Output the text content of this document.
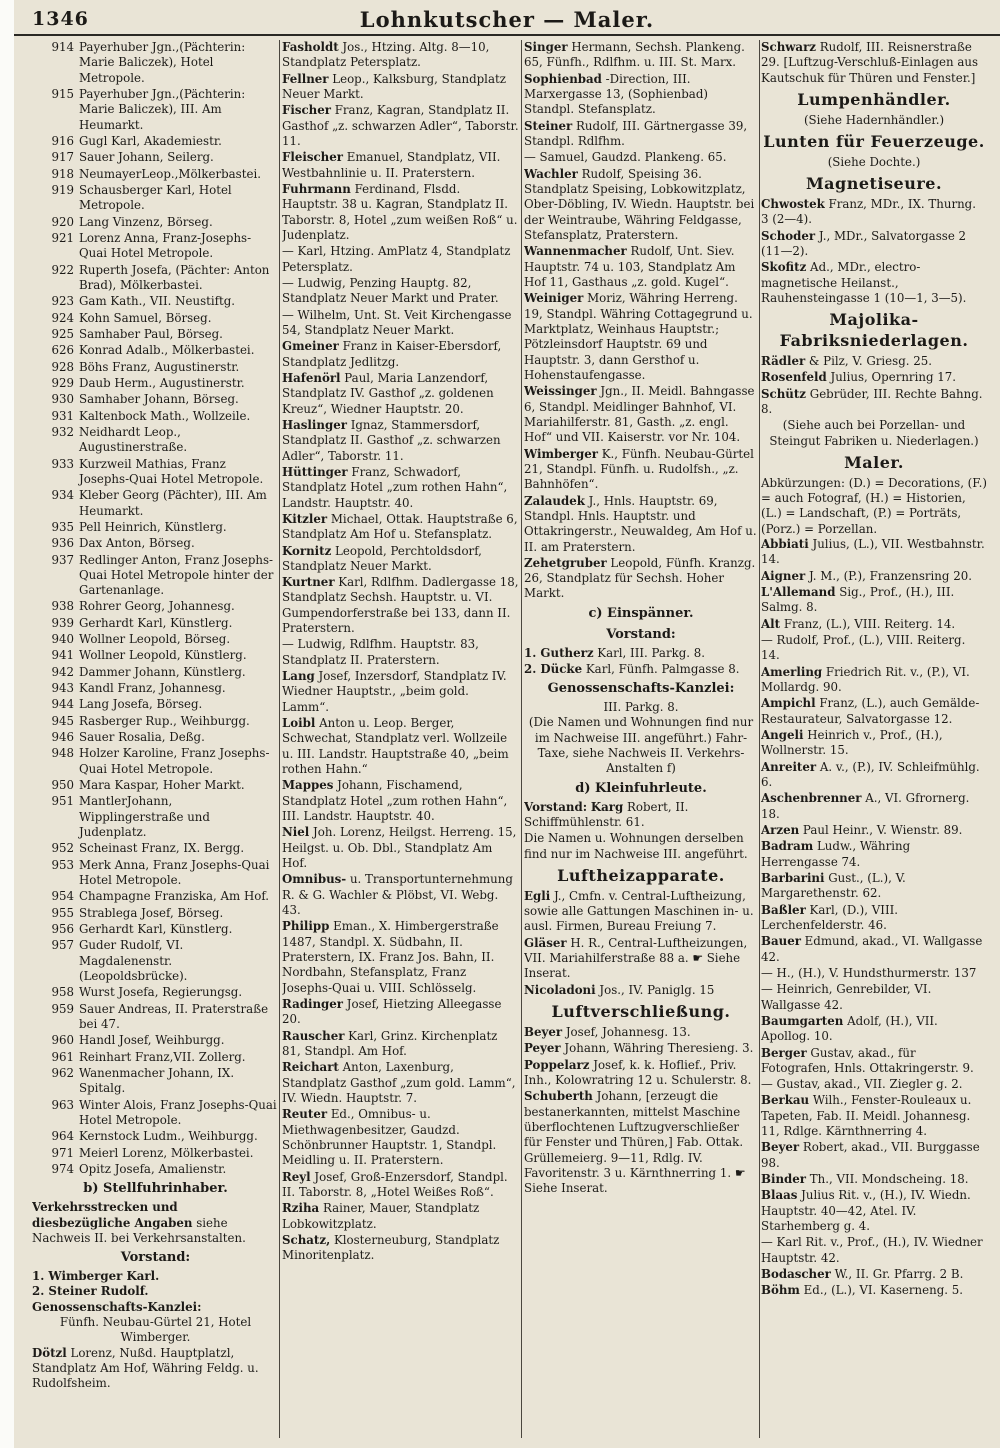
1346	Lohnkutscher — Maler.
914 Payerhuber Jgn.,(Pächterin: Marie Baliczek), Hotel Metropole.
915 Payerhuber Jgn.,(Pächterin: Marie Baliczek), III. Am Heumarkt.
916 Gugl Karl, Akademiestr.
917 Sauer Johann, Seilerg.
918 NeumayerLeop.,Mölkerbastei.
919 Schausberger Karl, Hotel Metropole.
920 Lang Vinzenz, Börseg.
921 Lorenz Anna, Franz-Josephs-Quai Hotel Metropole.
922 Ruperth Josefa, (Pächter: Anton Brad), Mölkerbastei.
923 Gam Kath., VII. Neustiftg.
924 Kohn Samuel, Börseg.
925 Samhaber Paul, Börseg.
626 Konrad Adalb., Mölkerbastei.
928 Böhs Franz, Augustinerstr.
929 Daub Herm., Augustinerstr.
930 Samhaber Johann, Börseg.
931 Kaltenbock Math., Wollzeile.
932 Neidhardt Leop., Augustinerstraße.
933 Kurzweil Mathias, Franz Josephs-Quai Hotel Metropole.
934 Kleber Georg (Pächter), III. Am Heumarkt.
935 Pell Heinrich, Künstlerg.
936 Dax Anton, Börseg.
937 Redlinger Anton, Franz Josephs-Quai Hotel Metropole hinter der Gartenanlage.
938 Rohrer Georg, Johannesg.
939 Gerhardt Karl, Künstlerg.
940 Wollner Leopold, Börseg.
941 Wollner Leopold, Künstlerg.
942 Dammer Johann, Künstlerg.
943 Kandl Franz, Johannesg.
944 Lang Josefa, Börseg.
945 Rasberger Rup., Weihburgg.
946 Sauer Rosalia, Deßg.
948 Holzer Karoline, Franz Josephs-Quai Hotel Metropole.
950 Mara Kaspar, Hoher Markt.
951 MantlerJohann, Wipplingerstraße und Judenplatz.
952 Scheinast Franz, IX. Bergg.
953 Merk Anna, Franz Josephs-Quai Hotel Metropole.
954 Champagne Franziska, Am Hof.
955 Strablega Josef, Börseg.
956 Gerhardt Karl, Künstlerg.
957 Guder Rudolf, VI. Magdalenenstr. (Leopoldsbrücke).
958 Wurst Josefa, Regierungsg.
959 Sauer Andreas, II. Praterstraße bei 47.
960 Handl Josef, Weihburgg.
961 Reinhart Franz,VII. Zollerg.
962 Wanenmacher Johann, IX. Spitalg.
963 Winter Alois, Franz Josephs-Quai Hotel Metropole.
964 Kernstock Ludm., Weihburgg.
971 Meierl Lorenz, Mölkerbastei.
974 Opitz Josefa, Amalienstr.
b) Stellfuhrinhaber.
Verkehrsstrecken und diesbezügliche Angaben siehe Nachweis II. bei Verkehrsanstalten.
Vorstand:
1. Wimberger Karl.
2. Steiner Rudolf.
Genossenschafts-Kanzlei:
Fünfh. Neubau-Gürtel 21, Hotel Wimberger.
Dötzl Lorenz, Nußd. Hauptplatzl, Standplatz Am Hof, Währing Feldg. u. Rudolfsheim.
Fasholdt Jos., Htzing. Altg. 8—10, Standplatz Petersplatz.
Fellner Leop., Kalksburg, Standplatz Neuer Markt.
Fischer Franz, Kagran, Standplatz II. Gasthof „z. schwarzen Adler“, Taborstr. 11.
Fleischer Emanuel, Standplatz, VII. Westbahnlinie u. II. Praterstern.
Fuhrmann Ferdinand, Flsdd. Hauptstr. 38 u. Kagran, Standplatz II. Taborstr. 8, Hotel „zum weißen Roß“ u. Judenplatz.
— Karl, Htzing. AmPlatz 4, Standplatz Petersplatz.
— Ludwig, Penzing Hauptg. 82, Standplatz Neuer Markt und Prater.
— Wilhelm, Unt. St. Veit Kirchengasse 54, Standplatz Neuer Markt.
Gmeiner Franz in Kaiser-Ebersdorf, Standplatz Jedlitzg.
Hafenörl Paul, Maria Lanzendorf, Standplatz IV. Gasthof „z. goldenen Kreuz“, Wiedner Hauptstr. 20.
Haslinger Ignaz, Stammersdorf, Standplatz II. Gasthof „z. schwarzen Adler“, Taborstr. 11.
Hüttinger Franz, Schwadorf, Standplatz Hotel „zum rothen Hahn“, Landstr. Hauptstr. 40.
Kitzler Michael, Ottak. Hauptstraße 6, Standplatz Am Hof u. Stefansplatz.
Kornitz Leopold, Perchtoldsdorf, Standplatz Neuer Markt.
Kurtner Karl, Rdlfhm. Dadlergasse 18, Standplatz Sechsh. Hauptstr. u. VI. Gumpendorferstraße bei 133, dann II. Praterstern.
— Ludwig, Rdlfhm. Hauptstr. 83, Standplatz II. Praterstern.
Lang Josef, Inzersdorf, Standplatz IV. Wiedner Hauptstr., „beim gold. Lamm“.
Loibl Anton u. Leop. Berger, Schwechat, Standplatz verl. Wollzeile u. III. Landstr. Hauptstraße 40, „beim rothen Hahn.“
Mappes Johann, Fischamend, Standplatz Hotel „zum rothen Hahn“, III. Landstr. Hauptstr. 40.
Niel Joh. Lorenz, Heilgst. Herreng. 15, Heilgst. u. Ob. Dbl., Standplatz Am Hof.
Omnibus- u. Transportunternehmung R. & G. Wachler & Plöbst, VI. Webg. 43.
Philipp Eman., X. Himbergerstraße 1487, Standpl. X. Südbahn, II. Praterstern, IX. Franz Jos. Bahn, II. Nordbahn, Stefansplatz, Franz Josephs-Quai u. VIII. Schlösselg.
Radinger Josef, Hietzing Alleegasse 20.
Rauscher Karl, Grinz. Kirchenplatz 81, Standpl. Am Hof.
Reichart Anton, Laxenburg, Standplatz Gasthof „zum gold. Lamm“, IV. Wiedn. Hauptstr. 7.
Reuter Ed., Omnibus- u. Miethwagenbesitzer, Gaudzd. Schönbrunner Hauptstr. 1, Standpl. Meidling u. II. Praterstern.
Reyl Josef, Groß-Enzersdorf, Standpl. II. Taborstr. 8, „Hotel Weißes Roß“.
Rziha Rainer, Mauer, Standplatz Lobkowitzplatz.
Schatz, Klosterneuburg, Standplatz Minoritenplatz.
Singer Hermann, Sechsh. Plankeng. 65, Fünfh., Rdlfhm. u. III. St. Marx.
Sophienbad -Direction, III. Marxergasse 13, (Sophienbad) Standpl. Stefansplatz.
Steiner Rudolf, III. Gärtnergasse 39, Standpl. Rdlfhm.
— Samuel, Gaudzd. Plankeng. 65.
Wachler Rudolf, Speising 36. Standplatz Speising, Lobkowitzplatz, Ober-Döbling, IV. Wiedn. Hauptstr. bei der Weintraube, Währing Feldgasse, Stefansplatz, Praterstern.
Wannenmacher Rudolf, Unt. Siev. Hauptstr. 74 u. 103, Standplatz Am Hof 11, Gasthaus „z. gold. Kugel“.
Weiniger Moriz, Währing Herreng. 19, Standpl. Währing Cottagegrund u. Marktplatz, Weinhaus Hauptstr.; Pötzleinsdorf Hauptstr. 69 und Hauptstr. 3, dann Gersthof u. Hohenstaufengasse.
Weissinger Jgn., II. Meidl. Bahngasse 6, Standpl. Meidlinger Bahnhof, VI. Mariahilferstr. 81, Gasth. „z. engl. Hof“ und VII. Kaiserstr. vor Nr. 104.
Wimberger K., Fünfh. Neubau-Gürtel 21, Standpl. Fünfh. u. Rudolfsh., „z. Bahnhöfen“.
Zalaudek J., Hnls. Hauptstr. 69, Standpl. Hnls. Hauptstr. und Ottakringerstr., Neuwaldeg, Am Hof u. II. am Praterstern.
Zehetgruber Leopold, Fünfh. Kranzg. 26, Standplatz für Sechsh. Hoher Markt.
c) Einspänner.
Vorstand:
1. Gutherz Karl, III. Parkg. 8.
2. Dücke Karl, Fünfh. Palmgasse 8.
Genossenschafts-Kanzlei:
III. Parkg. 8.
(Die Namen und Wohnungen find nur im Nachweise III. angeführt.) Fahr-Taxe, siehe Nachweis II. Verkehrs-Anstalten f)
d) Kleinfuhrleute.
Vorstand: Karg Robert, II. Schiffmühlenstr. 61.
Die Namen u. Wohnungen derselben find nur im Nachweise III. angeführt.
Luftheizapparate.
Egli J., Cmfn. v. Central-Luftheizung, sowie alle Gattungen Maschinen in- u. ausl. Firmen, Bureau Freiung 7.
Gläser H. R., Central-Luftheizungen, VII. Mariahilferstraße 88 a. ☛ Siehe Inserat.
Nicoladoni Jos., IV. Paniglg. 15
Luftverschließung.
Beyer Josef, Johannesg. 13.
Peyer Johann, Währing Theresieng. 3.
Poppelarz Josef, k. k. Hoflief., Priv. Inh., Kolowratring 12 u. Schulerstr. 8.
Schuberth Johann, [erzeugt die bestanerkannten, mittelst Maschine überflochtenen Luftzugverschließer für Fenster und Thüren,] Fab. Ottak. Grüllemeierg. 9—11, Rdlg. IV. Favoritenstr. 3 u. Kärnthnerring 1. ☛ Siehe Inserat.
Schwarz Rudolf, III. Reisnerstraße 29. [Luftzug-Verschluß-Einlagen aus Kautschuk für Thüren und Fenster.]
Lumpenhändler.
(Siehe Hadernhändler.)
Lunten für Feuerzeuge.
(Siehe Dochte.)
Magnetiseure.
Chwostek Franz, MDr., IX. Thurng. 3 (2—4).
Schoder J., MDr., Salvatorgasse 2 (11—2).
Skofitz Ad., MDr., electro-magnetische Heilanst., Rauhensteingasse 1 (10—1, 3—5).
Majolika-Fabriksniederlagen.
Rädler & Pilz, V. Griesg. 25.
Rosenfeld Julius, Opernring 17.
Schütz Gebrüder, III. Rechte Bahng. 8.
(Siehe auch bei Porzellan- und Steingut Fabriken u. Niederlagen.)
Maler.
Abkürzungen: (D.) = Decorations, (F.) = auch Fotograf, (H.) = Historien, (L.) = Landschaft, (P.) = Porträts, (Porz.) = Porzellan.
Abbiati Julius, (L.), VII. Westbahnstr. 14.
Aigner J. M., (P.), Franzensring 20.
L'Allemand Sig., Prof., (H.), III. Salmg. 8.
Alt Franz, (L.), VIII. Reiterg. 14.
— Rudolf, Prof., (L.), VIII. Reiterg. 14.
Amerling Friedrich Rit. v., (P.), VI. Mollardg. 90.
Ampichl Franz, (L.), auch Gemälde-Restaurateur, Salvatorgasse 12.
Angeli Heinrich v., Prof., (H.), Wollnerstr. 15.
Anreiter A. v., (P.), IV. Schleifmühlg. 6.
Aschenbrenner A., VI. Gfrornerg. 18.
Arzen Paul Heinr., V. Wienstr. 89.
Badram Ludw., Währing Herrengasse 74.
Barbarini Gust., (L.), V. Margarethenstr. 62.
Baßler Karl, (D.), VIII. Lerchenfelderstr. 46.
Bauer Edmund, akad., VI. Wallgasse 42.
— H., (H.), V. Hundsthurmerstr. 137
— Heinrich, Genrebilder, VI. Wallgasse 42.
Baumgarten Adolf, (H.), VII. Apollog. 10.
Berger Gustav, akad., für Fotografen, Hnls. Ottakringerstr. 9.
— Gustav, akad., VII. Ziegler g. 2.
Berkau Wilh., Fenster-Rouleaux u. Tapeten, Fab. II. Meidl. Johannesg. 11, Rdlge. Kärnthnerring 4.
Beyer Robert, akad., VII. Burggasse 98.
Binder Th., VII. Mondscheing. 18.
Blaas Julius Rit. v., (H.), IV. Wiedn. Hauptstr. 40—42, Atel. IV. Starhemberg g. 4.
— Karl Rit. v., Prof., (H.), IV. Wiedner Hauptstr. 42.
Bodascher W., II. Gr. Pfarrg. 2 B.
Böhm Ed., (L.), VI. Kaserneng. 5.
